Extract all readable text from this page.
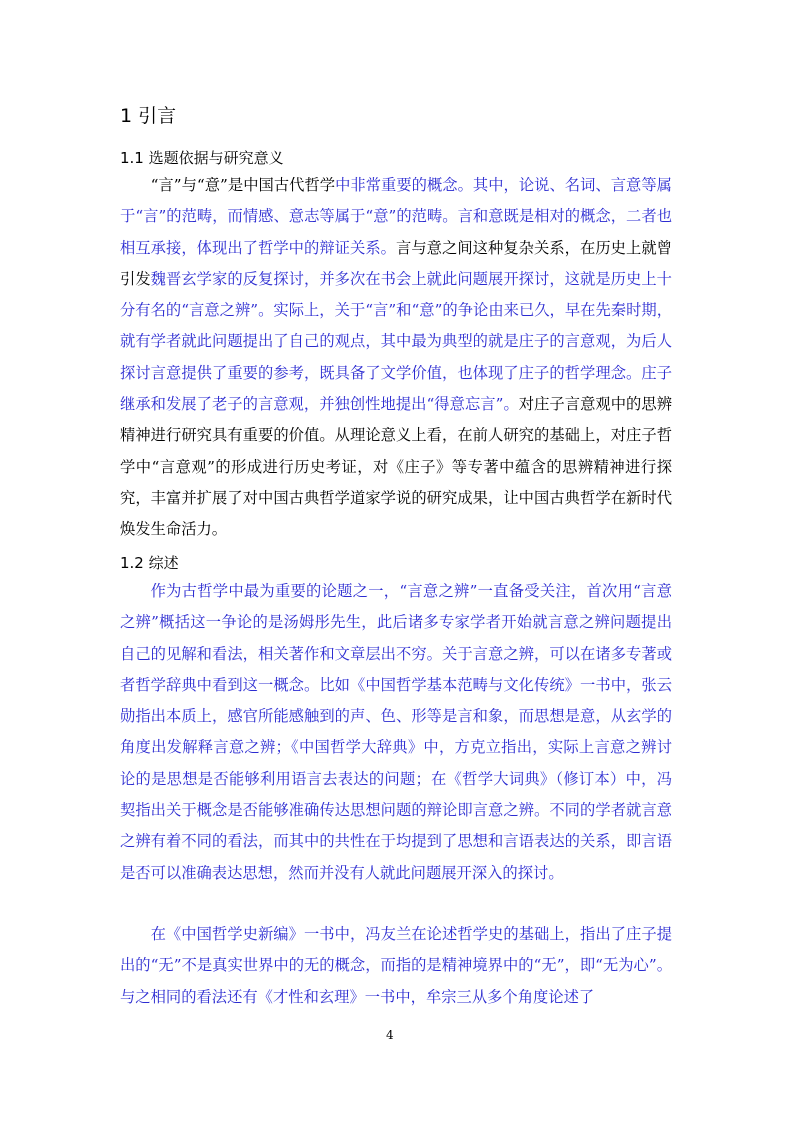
1 引言
1.1 选题依据与研究意义

“言”与“意”是中国古代哲学中非常重要的概念。其中，论说、名词、言意等属于“言”的范畴，而情感、意志等属于“意”的范畴。言和意既是相对的概念，二者也相互承接，体现出了哲学中的辩证关系。言与意之间这种复杂关系，在历史上就曾引发魏晋玄学家的反复探讨，并多次在书会上就此问题展开探讨，这就是历史上十分有名的“言意之辨”。实际上，关于“言”和“意”的争论由来已久，早在先秦时期，就有学者就此问题提出了自己的观点，其中最为典型的就是庄子的言意观，为后人探讨言意提供了重要的参考，既具备了文学价值，也体现了庄子的哲学理念。庄子继承和发展了老子的言意观，并独创性地提出“得意忘言”。对庄子言意观中的思辨精神进行研究具有重要的价值。从理论意义上看，在前人研究的基础上，对庄子哲学中“言意观”的形成进行历史考证，对《庄子》等专著中蕴含的思辨精神进行探究，丰富并扩展了对中国古典哲学道家学说的研究成果，让中国古典哲学在新时代焕发生命活力。

1.2 综述

作为古哲学中最为重要的论题之一，“言意之辨”一直备受关注，首次用“言意之辨”概括这一争论的是汤姆彤先生，此后诸多专家学者开始就言意之辨问题提出自己的见解和看法，相关著作和文章层出不穷。关于言意之辨，可以在诸多专著或者哲学辞典中看到这一概念。比如《中国哲学基本范畴与文化传统》一书中，张云勋指出本质上，感官所能感触到的声、色、形等是言和象，而思想是意，从玄学的角度出发解释言意之辨；《中国哲学大辞典》中，方克立指出，实际上言意之辨讨论的是思想是否能够利用语言去表达的问题；在《哲学大词典》（修订本）中，冯契指出关于概念是否能够准确传达思想问题的辩论即言意之辨。不同的学者就言意之辨有着不同的看法，而其中的共性在于均提到了思想和言语表达的关系，即言语是否可以准确表达思想，然而并没有人就此问题展开深入的探讨。

在《中国哲学史新编》一书中，冯友兰在论述哲学史的基础上，指出了庄子提出的“无”不是真实世界中的无的概念，而指的是精神境界中的“无”，即“无为心”。与之相同的看法还有《才性和玄理》一书中，牟宗三从多个角度论述了

4
